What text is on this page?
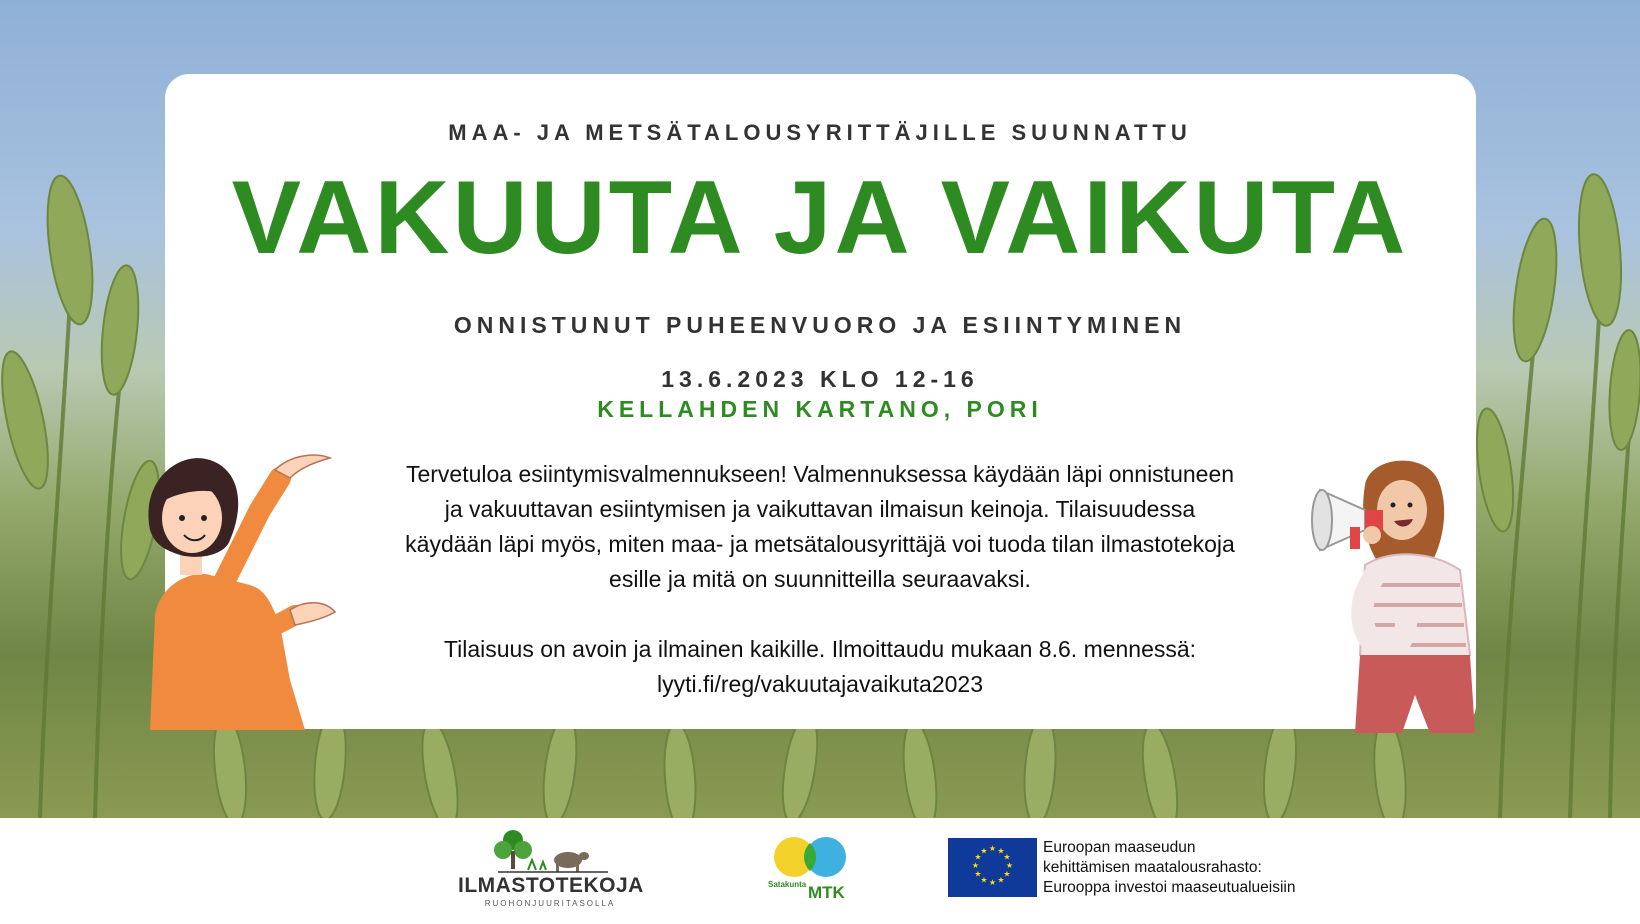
MAA- JA METSÄTALOUSYRITTÄJILLE SUUNNATTU
VAKUUTA JA VAIKUTA
ONNISTUNUT PUHEENVUORO JA ESIINTYMINEN
13.6.2023 KLO 12-16
KELLAHDEN KARTANO, PORI

Tervetuloa esiintymisvalmennukseen! Valmennuksessa käydään läpi onnistuneen

ja vakuuttavan esiintymisen ja vaikuttavan ilmaisun keinoja. Tilaisuudessa

käydään läpi myös, miten maa- ja metsätalousyrittäjä voi tuoda tilan ilmastotekoja

esille ja mitä on suunnitteilla seuraavaksi.

Tilaisuus on avoin ja ilmainen kaikille. Ilmoittaudu mukaan 8.6. mennessä:

lyyti.fi/reg/vakuutajavaikuta2023

ILMASTOTEKOJA
RUOHONJUURITASOLLA
Satakunta MTK
★ ★
★
★
★
★
★
★
★
★
★
★	Euroopan maaseudun
kehittämisen maatalousrahasto:
Eurooppa investoi maaseutualueisiin
